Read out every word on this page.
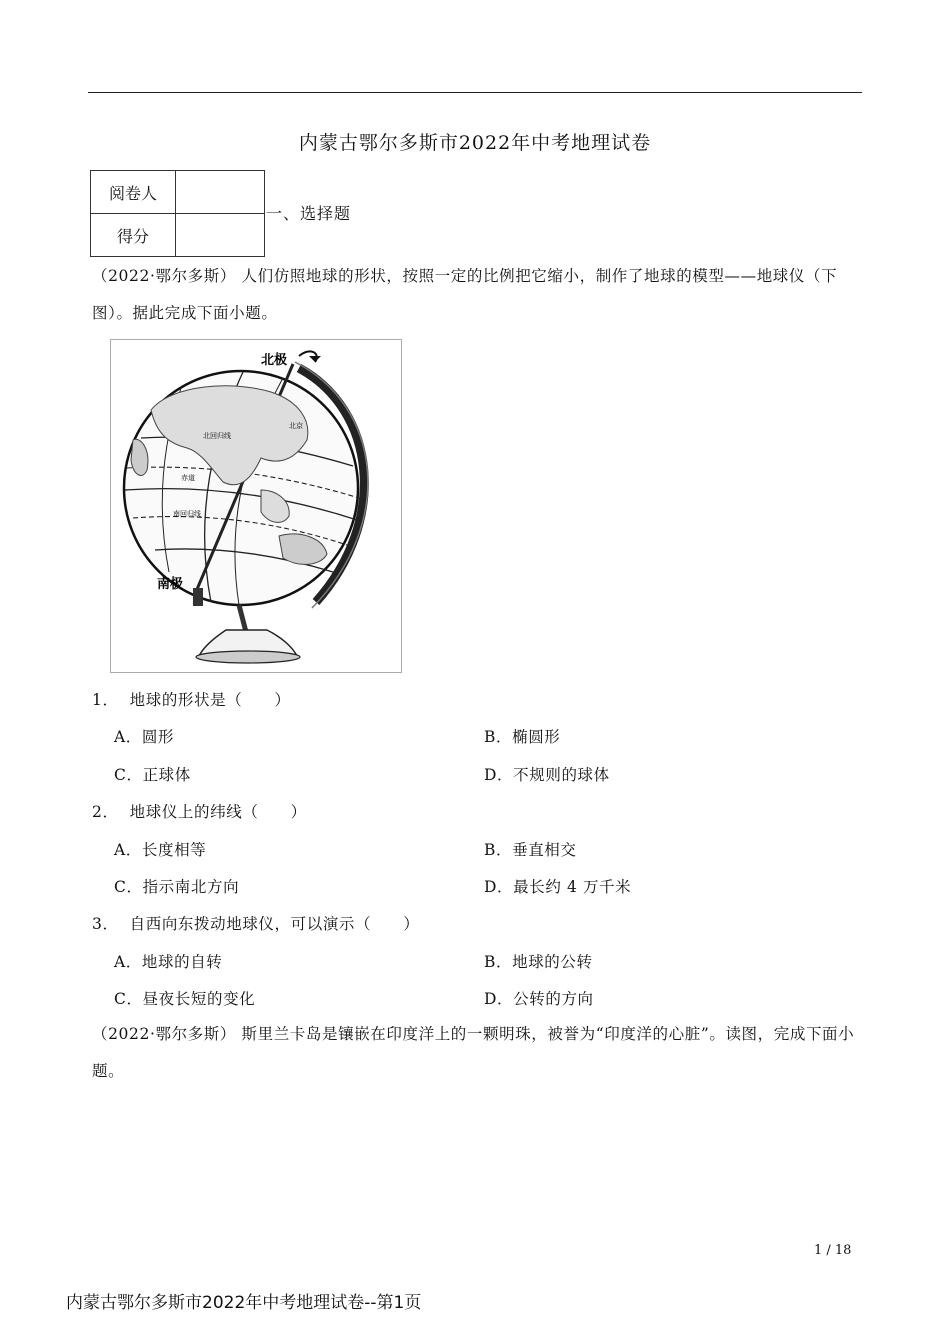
内蒙古鄂尔多斯市2022年中考地理试卷
阅卷人	
得分	
一、选择题
（2022·鄂尔多斯） 人们仿照地球的形状，按照一定的比例把它缩小，制作了地球的模型——地球仪（下图）。据此完成下面小题。
北极
南极
北回归线
赤道
南回归线
北京
1． 地球的形状是（　　）
A．圆形	B．椭圆形
C．正球体	D．不规则的球体
2． 地球仪上的纬线（　　）
A．长度相等	B．垂直相交
C．指示南北方向	D．最长约 4 万千米
3． 自西向东拨动地球仪，可以演示（　　）
A．地球的自转	B．地球的公转
C．昼夜长短的变化	D．公转的方向
（2022·鄂尔多斯） 斯里兰卡岛是镶嵌在印度洋上的一颗明珠，被誉为“印度洋的心脏”。读图，完成下面小题。
1 / 18
内蒙古鄂尔多斯市2022年中考地理试卷--第1页
